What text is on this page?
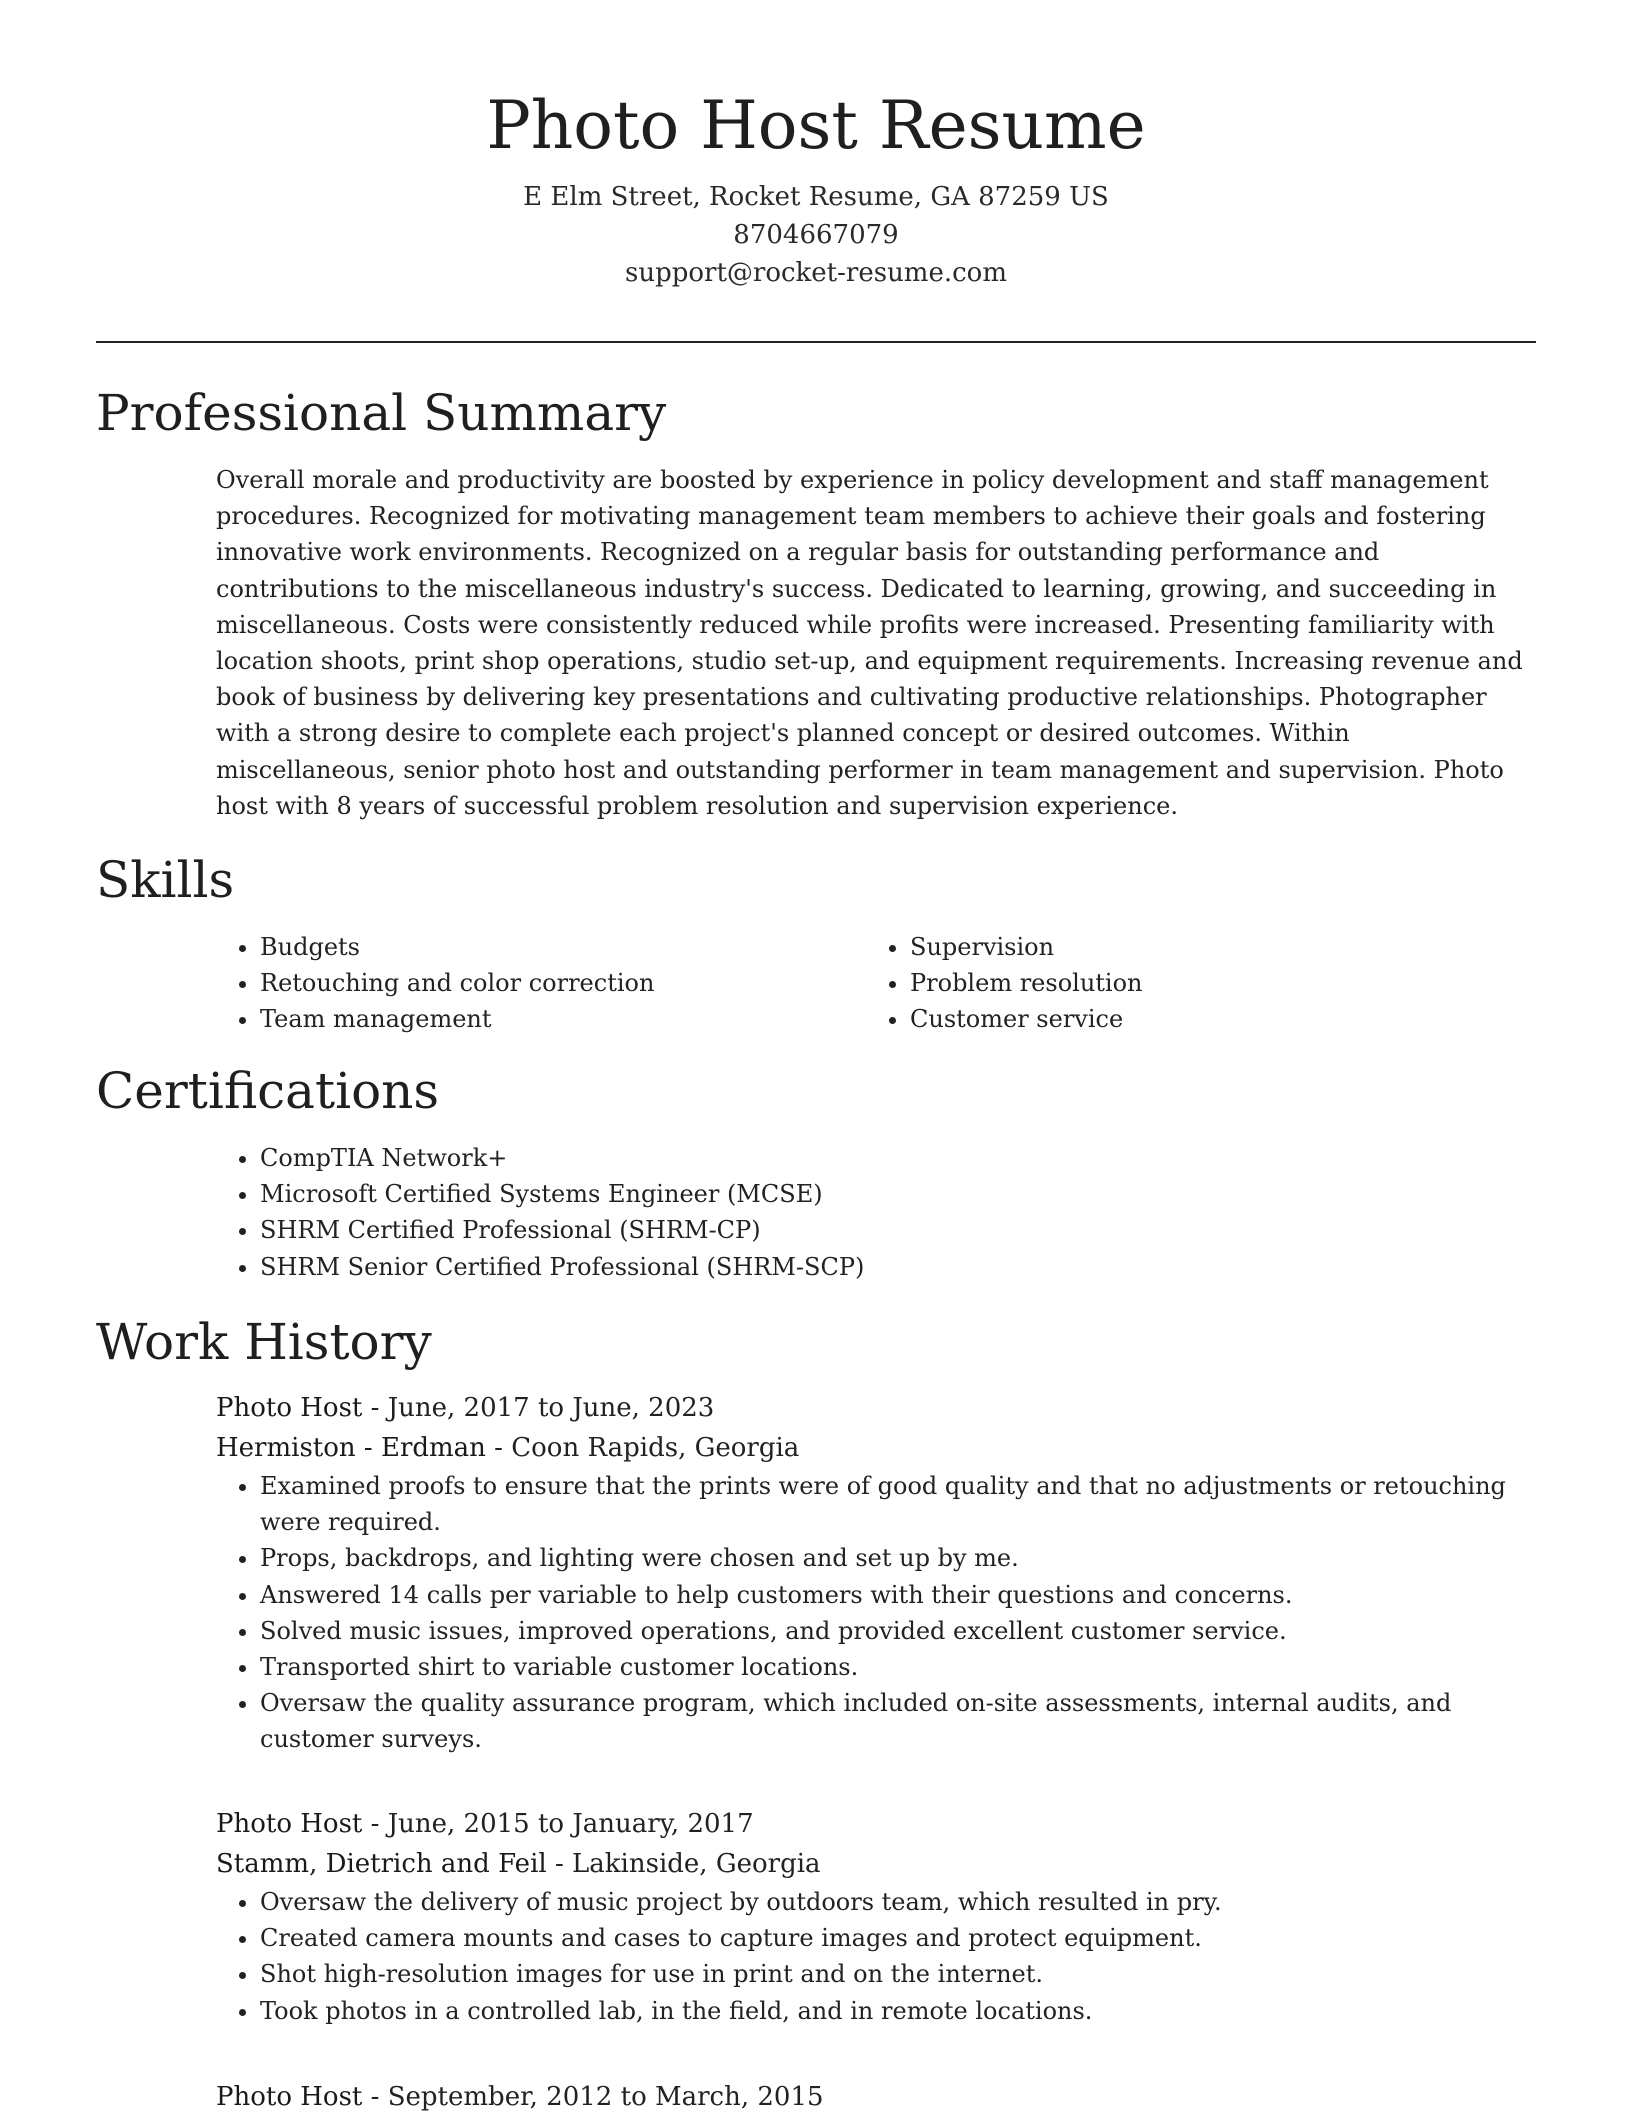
Photo Host Resume
E Elm Street, Rocket Resume, GA 87259 US
8704667079
support@rocket-resume.com
Professional Summary

Overall morale and productivity are boosted by experience in policy development and staff management procedures. Recognized for motivating management team members to achieve their goals and fostering innovative work environments. Recognized on a regular basis for outstanding performance and contributions to the miscellaneous industry's success. Dedicated to learning, growing, and succeeding in miscellaneous. Costs were consistently reduced while profits were increased. Presenting familiarity with location shoots, print shop operations, studio set-up, and equipment requirements. Increasing revenue and book of business by delivering key presentations and cultivating productive relationships. Photographer with a strong desire to complete each project's planned concept or desired outcomes. Within miscellaneous, senior photo host and outstanding performer in team management and supervision. Photo host with 8 years of successful problem resolution and supervision experience.

Skills
• Budgets
• Retouching and color correction
• Team management
• Supervision
• Problem resolution
• Customer service
Certifications
• CompTIA Network+
• Microsoft Certified Systems Engineer (MCSE)
• SHRM Certified Professional (SHRM-CP)
• SHRM Senior Certified Professional (SHRM-SCP)
Work History
Photo Host - June, 2017 to June, 2023
Hermiston - Erdman - Coon Rapids, Georgia
• Examined proofs to ensure that the prints were of good quality and that no adjustments or retouching were required.
• Props, backdrops, and lighting were chosen and set up by me.
• Answered 14 calls per variable to help customers with their questions and concerns.
• Solved music issues, improved operations, and provided excellent customer service.
• Transported shirt to variable customer locations.
• Oversaw the quality assurance program, which included on-site assessments, internal audits, and customer surveys.
Photo Host - June, 2015 to January, 2017
Stamm, Dietrich and Feil - Lakinside, Georgia
• Oversaw the delivery of music project by outdoors team, which resulted in pry.
• Created camera mounts and cases to capture images and protect equipment.
• Shot high-resolution images for use in print and on the internet.
• Took photos in a controlled lab, in the field, and in remote locations.
Photo Host - September, 2012 to March, 2015
